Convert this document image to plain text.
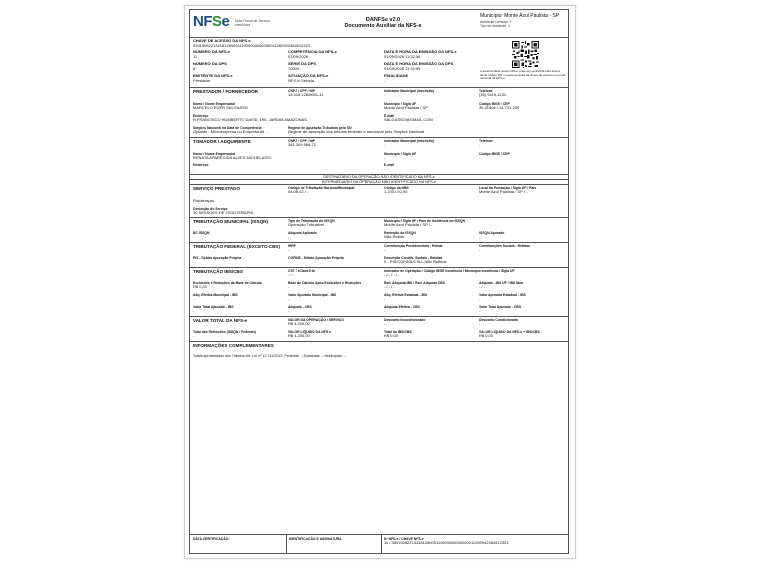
NFSe Nota Fiscal de Serviço eletrônica
DANFSe v2.0
Documento Auxiliar da NFS-e
Município: Monte Azul Paulista - SP
Ambiente Gerador: 2
Tipo de Ambiente: 1
CHAVE DE ACESSO DA NFS-e
35315062213418128000111000000000000011260942364512323
NÚMERO DA NFS-e
11
COMPETÊNCIA DA NFS-e
01/09/2026
DATA E HORA DA EMISSÃO DA NFS-e
01/09/2026 11:32:56
NÚMERO DA DPS
8
SÉRIE DA DPS
70000
DATA E HORA DA EMISSÃO DA DPS
01/09/2026 11:32:55
EMITENTE DA NFS-e
Prestador
SITUAÇÃO DA NFS-e
NFS-e Gerada
FINALIDADE
-
A autenticidade desta NFS-e pode ser verificada pela leitura deste código QR ou pela consulta da chave de acesso no portal nacional da NFS-e
PRESTADOR / FORNECEDOR	CNPJ / CPF / NIF
13.418.128/0001-11
Indicador Municipal (Inscrição)
-
Telefone
(16) 9415-1131
Nome / Nome Empresarial
MARCELO EDER SALGASSO
Município / Sigla UF
Monte Azul Paulista / SP
Código IBGE / CEP
35.31506 / 14.731-200
Endereço
R.FRANCISCO HUMBERTO DAVID, 195, JARDIM AMAZONAS
E-mail
SALGASSO@GMAIL.COM
Simples Nacional na Data de Competência
Optante - Microempresa ou Empresa de ...
Regime de Apuração Tributária pelo SN
Regime de apuração dos tributos federais e municipal pelo Simples Nacional
TOMADOR / ADQUIRENTE	CNPJ / CPF / NIF
381.309.968-71
Indicador Municipal (Inscrição)
-
Telefone
-
Nome / Nome Empresarial
RENATA APARECIDA ALVES MICHELASSI
Município / Sigla UF
-
Código IBGE / CEP
-
Endereço
-
E-mail
-
DESTINATÁRIO DA OPERAÇÃO NÃO IDENTIFICADO NA NFS-e
INTERMEDIÁRIO DA OPERAÇÃO NÃO IDENTIFICADO NA NFS-e
SERVIÇO PRESTADO	Código de Tributação Nacional/Municipal
04.08.02 / -
Código da NBS
1.2301.92.00
Local da Prestação / Sigla UF / País
Monte Azul Paulista / SP / -
Fisioterapia.
Descrição do Serviço
30 SESSOES DE FISIOTERAPIA
TRIBUTAÇÃO MUNICIPAL (ISSQN)	Tipo de Tributação do ISSQN
Operação Tributável
Município / Sigla UF / País de Incidência do ISSQN
Monte Azul Paulista / SP / -
BC ISSQN
-
Alíquota Aplicada
-
Retenção do ISSQN
Não Retido
ISSQN Apurado
-
TRIBUTAÇÃO FEDERAL (EXCETO CBS) IRRF
-
Contribuição Previdenciária - Retida
-
Contribuições Sociais - Retidas
-
PIS - Débito Apuração Própria
-
COFINS - Débito Apuração Própria
-
Descrição Contrib. Sociais - Retidas
0 - PIS/COFINS/CSLL Não Retidos
TRIBUTAÇÃO IBS/CBS	CST / cClassTrib
- / -
Indicador de Operação / Código IBGE Incidência / Município Incidência / Sigla UF
- / - / - / -
Exclusões e Reduções da Base de Cálculo
R$ 0,00
Base de Cálculo Após Exclusões e Reduções
-
Red. Alíquota IBS / Red. Alíquota CBS
- / - / -
Alíquota - IBS UF / IBS Mun
- / -
Alíq. Efetiva Municipal - IBS
-
Valor Apurado Municipal - IBS
-
Alíq. Efetiva Estadual - IBS
-
Valor Apurado Estadual - IBS
-
Valor Total Apurado - IBS
-
Alíquota - CBS
-
Alíquota Efetiva - CBS
-
Valor Total Apurado - CBS
-
VALOR TOTAL DA NFS-e	VALOR DA OPERAÇÃO / SERVIÇO
R$ 4.200,00
Desconto Incondicionado
-
Desconto Condicionado
-
Total das Retenções (ISSQN / Federais)
-
VALOR LÍQUIDO DA NFS-e
R$ 4.200,00
Total do IBS/CBS
R$ 0,00
VALOR LÍQUIDO DA NFS-e + IBS/CBS
R$ 0,00
INFORMAÇÕES COMPLEMENTARES
Totais aproximados dos Tributos cfe. Lei nº 12.741/2012: Federais: -; Estaduais: -; Municipais: -;
DATA CERTIFICAÇÃO:	IDENTIFICAÇÃO E ASSINATURA	Nº NFS-e / CHAVE NFS-e
11 / 35315062213418128000111000000000000011260942364512323
